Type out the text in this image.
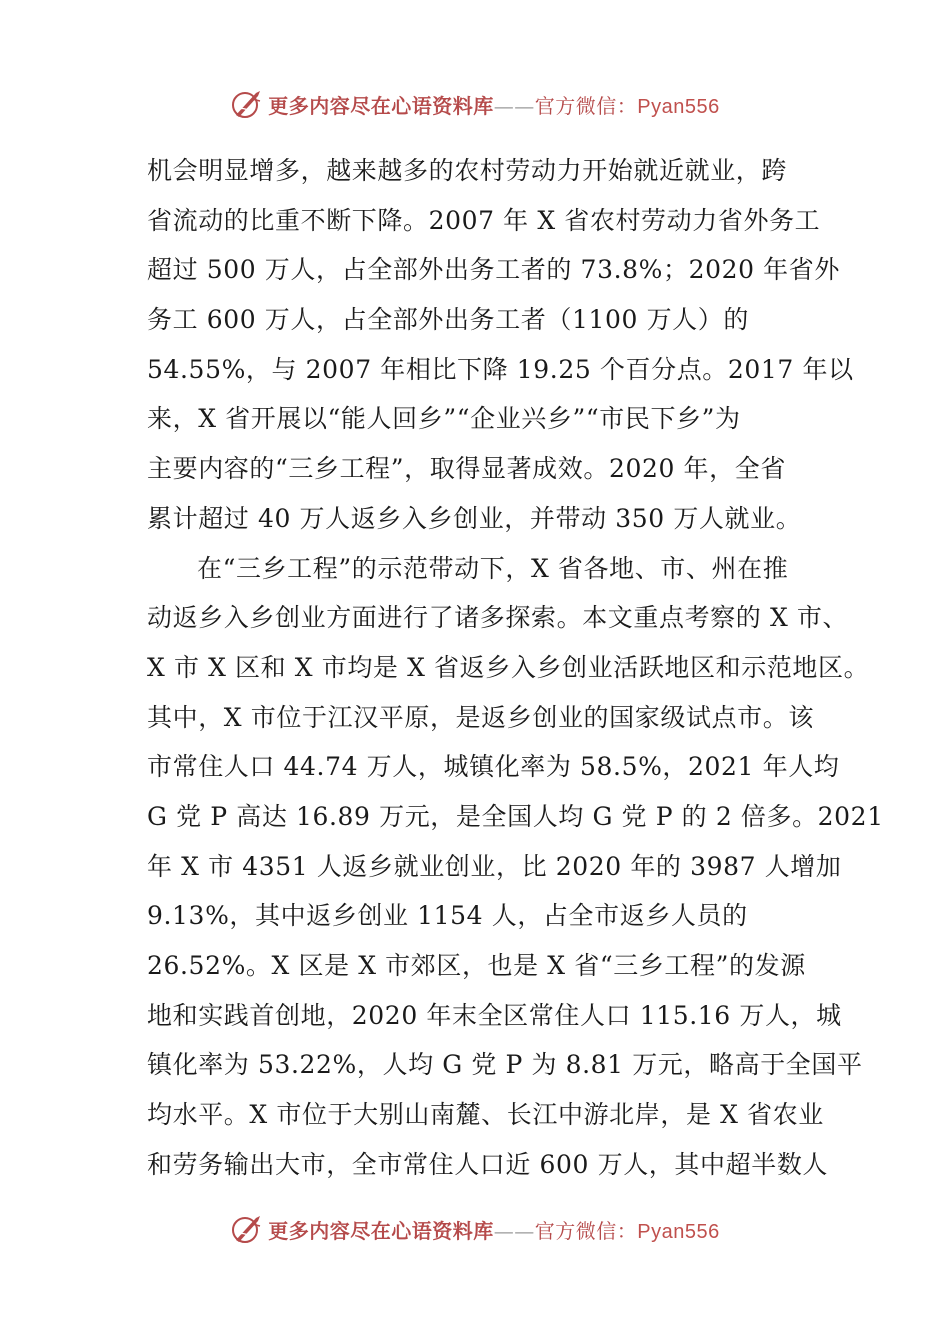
更多内容尽在心语资料库——官方微信：Pyan556
机会明显增多，越来越多的农村劳动力开始就近就业，跨
省流动的比重不断下降。2007 年 X 省农村劳动力省外务工
超过 500 万人，占全部外出务工者的 73.8%；2020 年省外
务工 600 万人，占全部外出务工者（1100 万人）的
54.55%，与 2007 年相比下降 19.25 个百分点。2017 年以
来，X 省开展以“能人回乡”“企业兴乡”“市民下乡”为
主要内容的“三乡工程”，取得显著成效。2020 年，全省
累计超过 40 万人返乡入乡创业，并带动 350 万人就业。
在“三乡工程”的示范带动下，X 省各地、市、州在推
动返乡入乡创业方面进行了诸多探索。本文重点考察的 X 市、
X 市 X 区和 X 市均是 X 省返乡入乡创业活跃地区和示范地区。
其中，X 市位于江汉平原，是返乡创业的国家级试点市。该
市常住人口 44.74 万人，城镇化率为 58.5%，2021 年人均
G 党 P 高达 16.89 万元，是全国人均 G 党 P 的 2 倍多。2021
年 X 市 4351 人返乡就业创业，比 2020 年的 3987 人增加
9.13%，其中返乡创业 1154 人，占全市返乡人员的
26.52%。X 区是 X 市郊区，也是 X 省“三乡工程”的发源
地和实践首创地，2020 年末全区常住人口 115.16 万人，城
镇化率为 53.22%，人均 G 党 P 为 8.81 万元，略高于全国平
均水平。X 市位于大别山南麓、长江中游北岸，是 X 省农业
和劳务输出大市，全市常住人口近 600 万人，其中超半数人
更多内容尽在心语资料库——官方微信：Pyan556
